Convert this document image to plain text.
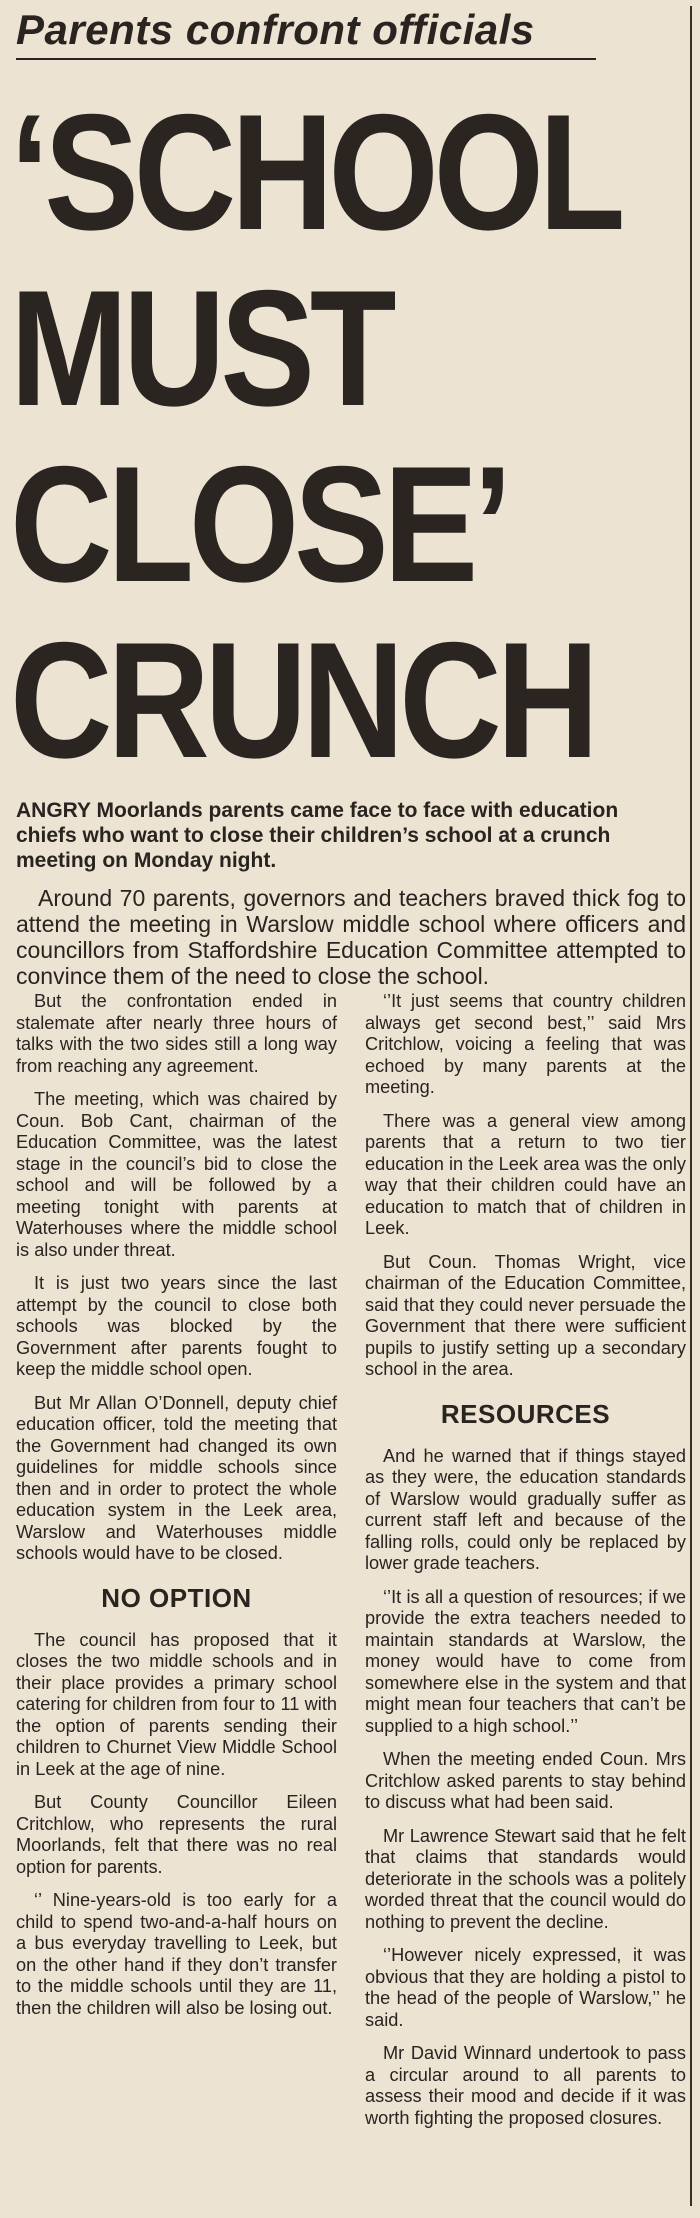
Parents confront officials
‘SCHOOL
MUST
CLOSE’
CRUNCH
ANGRY Moorlands parents came face to face with education chiefs who want to close their children’s school at a crunch meeting on Monday night.
Around 70 parents, governors and teachers braved thick fog to attend the meeting in Warslow middle school where officers and councillors from Staffordshire Education Committee attempted to convince them of the need to close the school.

But the confrontation ended in stalemate after nearly three hours of talks with the two sides still a long way from reaching any agreement.

The meeting, which was chaired by Coun. Bob Cant, chairman of the Education Committee, was the latest stage in the council’s bid to close the school and will be followed by a meeting tonight with parents at Waterhouses where the middle school is also under threat.

It is just two years since the last attempt by the council to close both schools was blocked by the Government after parents fought to keep the middle school open.

But Mr Allan O’Donnell, deputy chief education officer, told the meeting that the Government had changed its own guidelines for middle schools since then and in order to protect the whole education system in the Leek area, Warslow and Waterhouses middle schools would have to be closed.

NO OPTION

The council has proposed that it closes the two middle schools and in their place provides a primary school catering for children from four to 11 with the option of parents sending their children to Churnet View Middle School in Leek at the age of nine.

But County Councillor Eileen Critchlow, who represents the rural Moorlands, felt that there was no real option for parents.

‘’ Nine-years-old is too early for a child to spend two-and-a-half hours on a bus everyday travelling to Leek, but on the other hand if they don’t transfer to the middle schools until they are 11, then the children will also be losing out.

‘’It just seems that country children always get second best,’’ said Mrs Critchlow, voicing a feeling that was echoed by many parents at the meeting.

There was a general view among parents that a return to two tier education in the Leek area was the only way that their children could have an education to match that of children in Leek.

But Coun. Thomas Wright, vice chairman of the Education Committee, said that they could never persuade the Government that there were sufficient pupils to justify setting up a secondary school in the area.

RESOURCES

And he warned that if things stayed as they were, the education standards of Warslow would gradually suffer as current staff left and because of the falling rolls, could only be replaced by lower grade teachers.

‘’It is all a question of resources; if we provide the extra teachers needed to maintain standards at Warslow, the money would have to come from somewhere else in the system and that might mean four teachers that can’t be supplied to a high school.’’

When the meeting ended Coun. Mrs Critchlow asked parents to stay behind to discuss what had been said.

Mr Lawrence Stewart said that he felt that claims that standards would deteriorate in the schools was a politely worded threat that the council would do nothing to prevent the decline.

‘’However nicely expressed, it was obvious that they are holding a pistol to the head of the people of Warslow,’’ he said.

Mr David Winnard undertook to pass a circular around to all parents to assess their mood and decide if it was worth fighting the proposed closures.
